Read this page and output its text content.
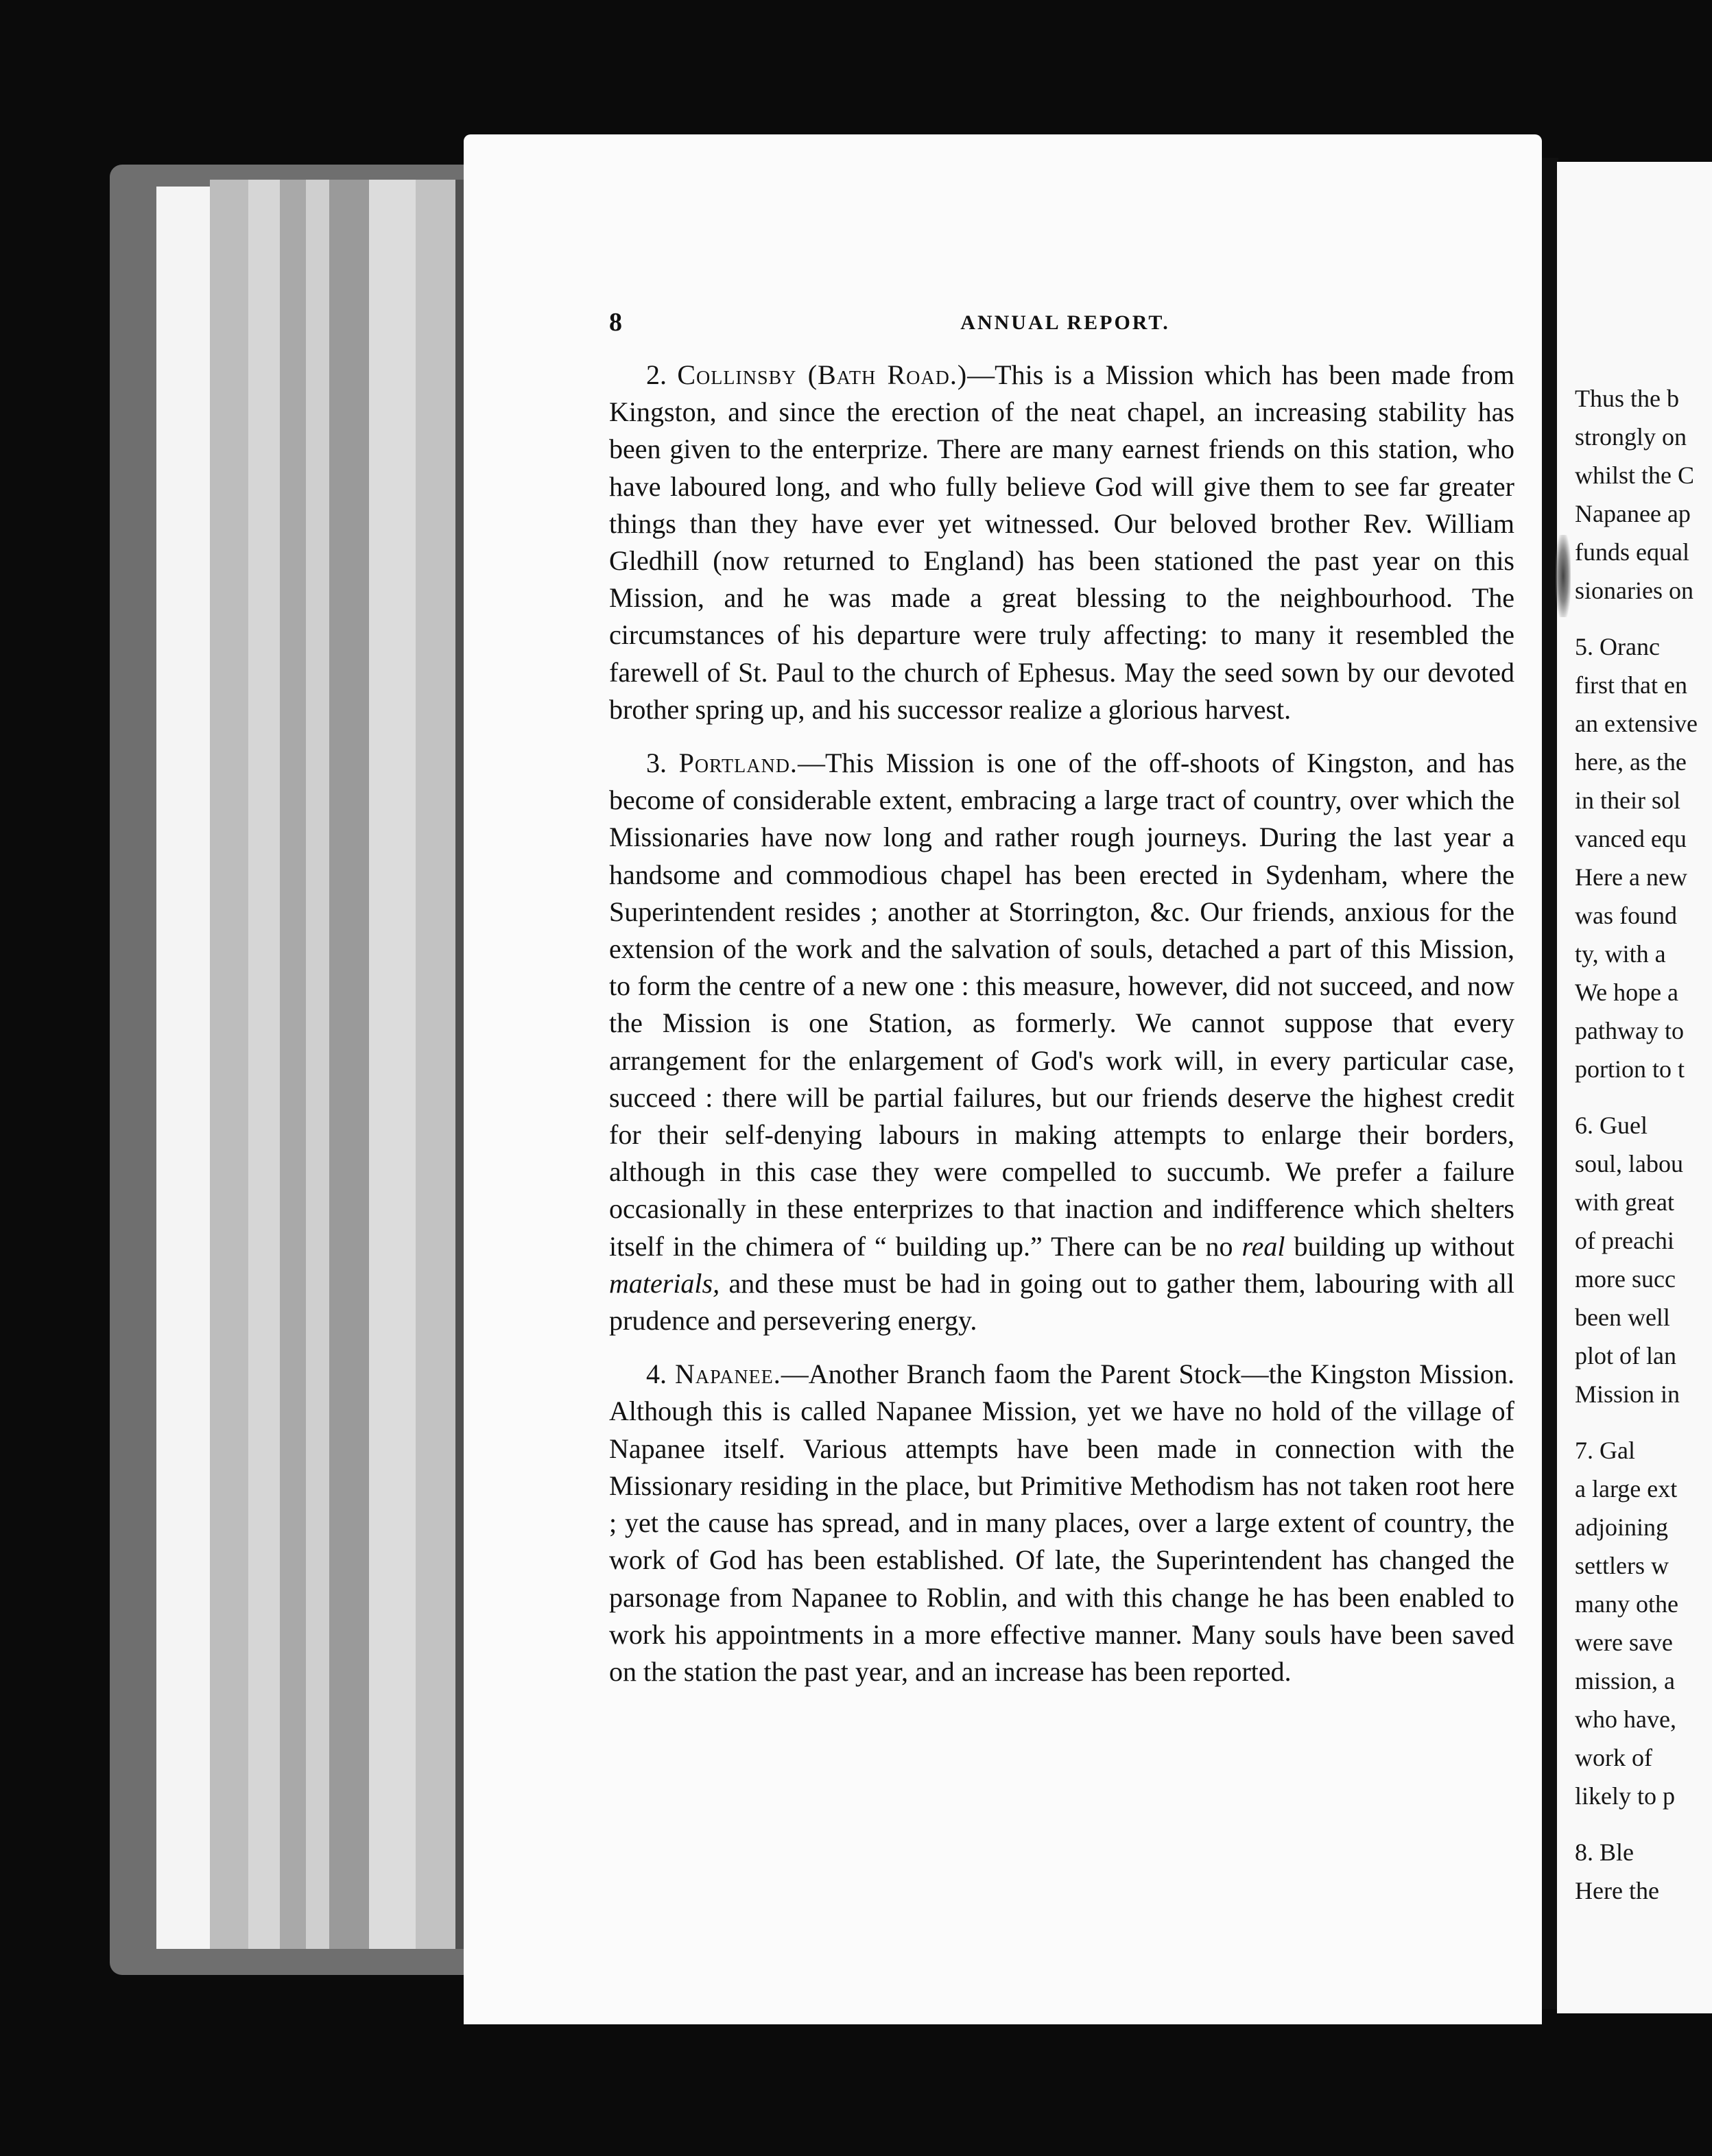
8	ANNUAL REPORT.

2. Collinsby (Bath Road.)—This is a Mission which has been made from Kingston, and since the erection of the neat chapel, an increasing stability has been given to the enterprize. There are many earnest friends on this station, who have laboured long, and who fully believe God will give them to see far greater things than they have ever yet witnessed. Our beloved brother Rev. William Gledhill (now returned to England) has been stationed the past year on this Mission, and he was made a great blessing to the neighbourhood. The circumstances of his departure were truly affecting: to many it resembled the farewell of St. Paul to the church of Ephesus. May the seed sown by our devoted brother spring up, and his successor realize a glorious harvest.

3. Portland.—This Mission is one of the off-shoots of Kingston, and has become of considerable extent, embracing a large tract of country, over which the Missionaries have now long and rather rough journeys. During the last year a handsome and commodious chapel has been erected in Sydenham, where the Superintendent resides ; another at Storrington, &c. Our friends, anxious for the extension of the work and the salvation of souls, detached a part of this Mission, to form the centre of a new one : this measure, however, did not succeed, and now the Mission is one Station, as formerly. We cannot suppose that every arrangement for the enlargement of God's work will, in every particular case, succeed : there will be partial failures, but our friends deserve the highest credit for their self-denying labours in making attempts to enlarge their borders, although in this case they were compelled to succumb. We prefer a failure occasionally in these enterprizes to that inaction and indifference which shelters itself in the chimera of “ building up.” There can be no real building up without materials, and these must be had in going out to gather them, labouring with all prudence and persevering energy.

4. Napanee.—Another Branch faom the Parent Stock—the Kingston Mission. Although this is called Napanee Mission, yet we have no hold of the village of Napanee itself. Various attempts have been made in connection with the Missionary residing in the place, but Primitive Methodism has not taken root here ; yet the cause has spread, and in many places, over a large extent of country, the work of God has been established. Of late, the Superintendent has changed the parsonage from Napanee to Roblin, and with this change he has been enabled to work his appointments in a more effective manner. Many souls have been saved on the station the past year, and an increase has been reported.

Thus the b
strongly on
whilst the C
Napanee ap
funds equal
sionaries on
5. Oranc
first that en
an extensive
here, as the
in their sol
vanced equ
Here a new
was found
ty, with a
We hope a
pathway to
portion to t
6. Guel
soul, labou
with great
of preachi
more succ
been well
plot of lan
Mission in
7. Gal
a large ext
adjoining
settlers w
many othe
were save
mission, a
who have,
work of
likely to p
8. Ble
Here the
